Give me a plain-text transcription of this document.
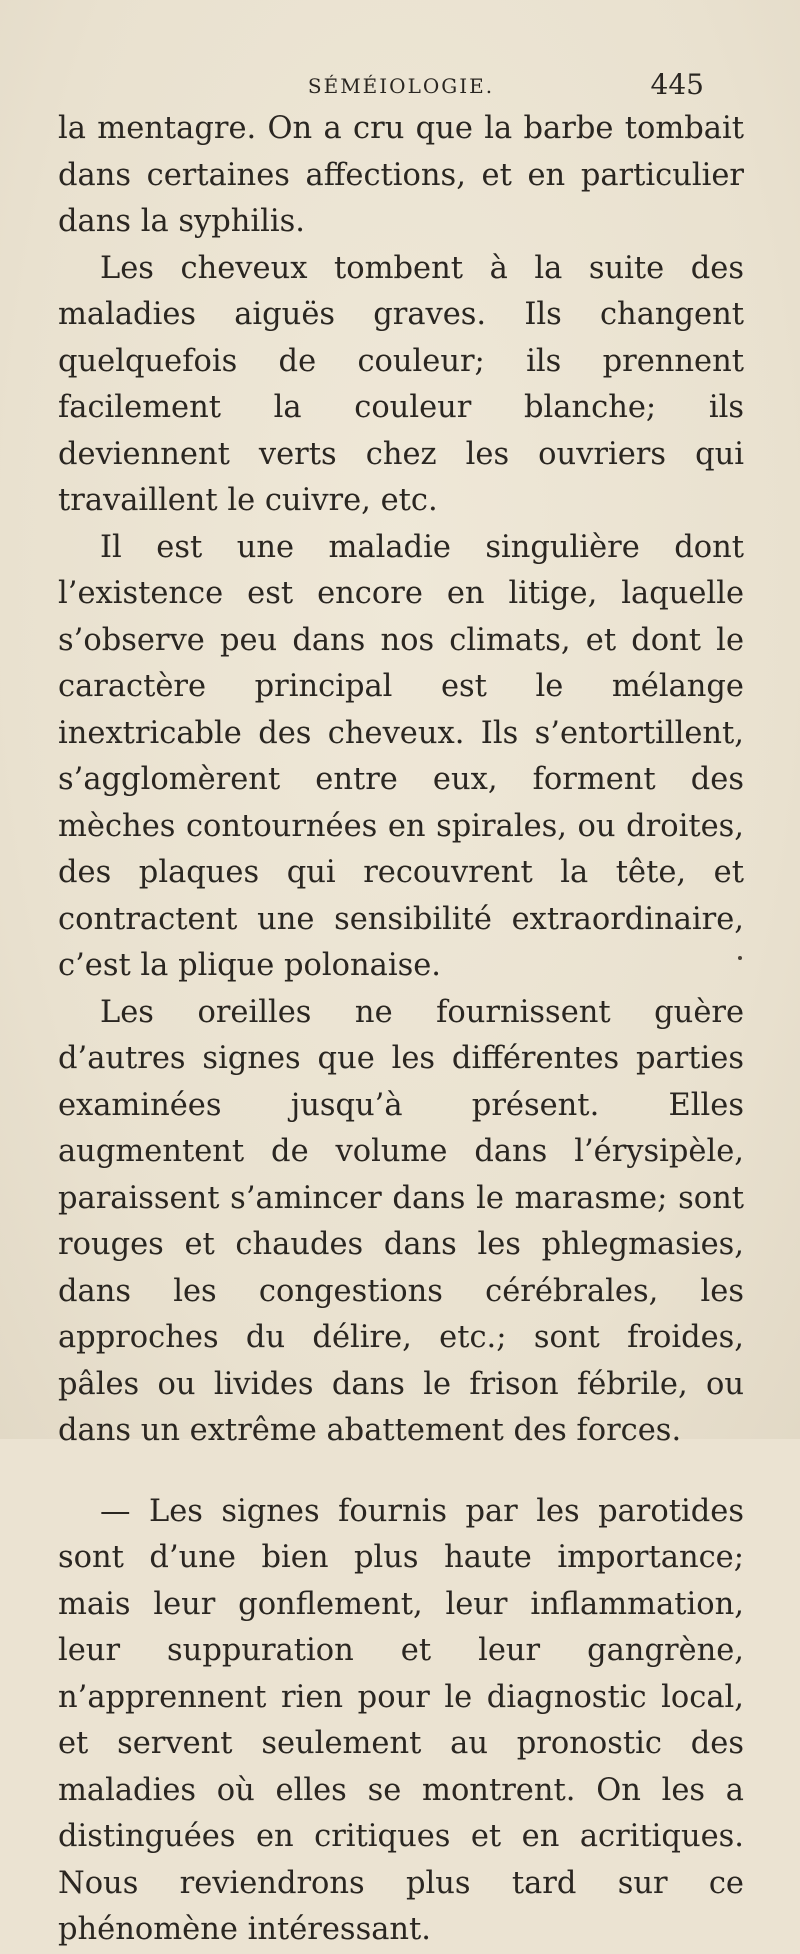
SÉMÉIOLOGIE.	445

la mentagre. On a cru que la barbe tombait dans certaines affections, et en particulier dans la syphilis.

Les cheveux tombent à la suite des maladies aiguës graves. Ils changent quelquefois de couleur; ils prennent facilement la couleur blanche; ils deviennent verts chez les ouvriers qui travaillent le cuivre, etc.

Il est une maladie singulière dont l’existence est encore en litige, laquelle s’observe peu dans nos climats, et dont le caractère principal est le mélange inextricable des cheveux. Ils s’entortillent, s’agglomèrent entre eux, forment des mèches contournées en spirales, ou droites, des plaques qui recouvrent la tête, et contractent une sensibilité extraordinaire, c’est la plique polonaise.

Les oreilles ne fournissent guère d’autres signes que les différentes parties examinées jusqu’à présent. Elles augmentent de volume dans l’érysipèle, paraissent s’amincer dans le marasme; sont rouges et chaudes dans les phlegmasies, dans les congestions cérébrales, les approches du délire, etc.; sont froides, pâles ou livides dans le frison fébrile, ou dans un extrême abattement des forces.

— Les signes fournis par les parotides sont d’une bien plus haute importance; mais leur gonflement, leur inflammation, leur suppuration et leur gangrène, n’apprennent rien pour le diagnostic local, et servent seulement au pronostic des maladies où elles se montrent. On les a distinguées en critiques et en acritiques. Nous reviendrons plus tard sur ce phénomène intéressant.
